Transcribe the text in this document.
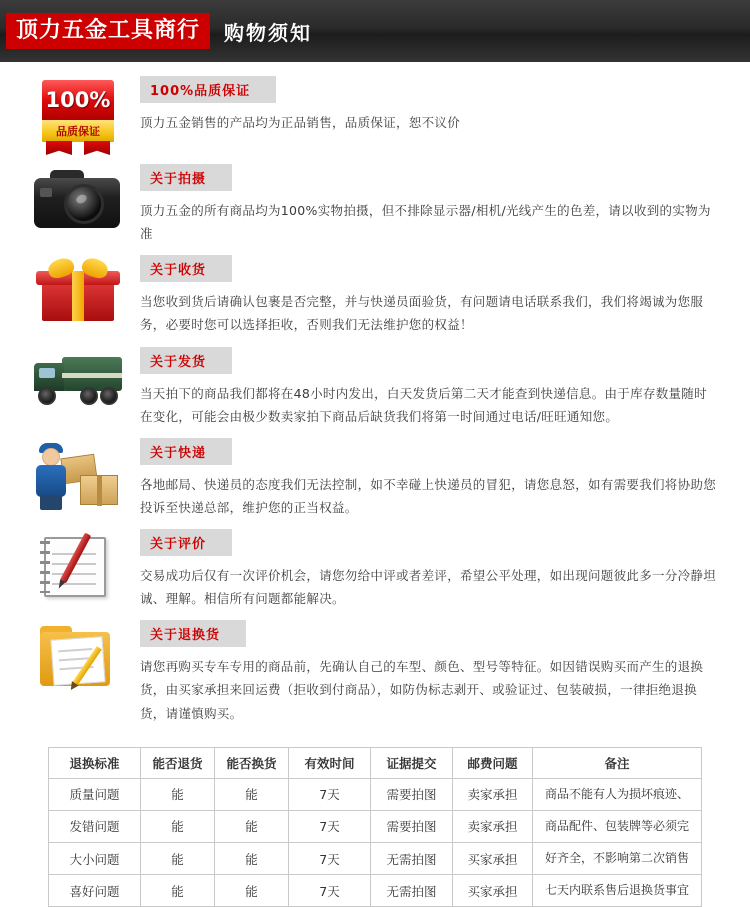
顶力五金工具商行	购物须知
100%
品质保证
100%品质保证
顶力五金销售的产品均为正品销售，品质保证，恕不议价
关于拍摄
顶力五金的所有商品均为100%实物拍摄，但不排除显示器/相机/光线产生的色差，请以收到的实物为准
关于收货
当您收到货后请确认包裹是否完整，并与快递员面验货，有问题请电话联系我们，我们将竭诚为您服务，必要时您可以选择拒收，否则我们无法维护您的权益！
关于发货
当天拍下的商品我们都将在48小时内发出，白天发货后第二天才能查到快递信息。由于库存数量随时在变化，可能会由极少数卖家拍下商品后缺货我们将第一时间通过电话/旺旺通知您。
关于快递
各地邮局、快递员的态度我们无法控制，如不幸碰上快递员的冒犯，请您息怒，如有需要我们将协助您投诉至快递总部，维护您的正当权益。
关于评价
交易成功后仅有一次评价机会，请您勿给中评或者差评，希望公平处理，如出现问题彼此多一分冷静坦诚、理解。相信所有问题都能解决。
关于退换货
请您再购买专车专用的商品前，先确认自己的车型、颜色、型号等特征。如因错误购买而产生的退换货，由买家承担来回运费（拒收到付商品），如防伪标志剥开、或验证过、包装破损，一律拒绝退换货，请谨慎购买。
退换标准	能否退货	能否换货	有效时间	证据提交	邮费问题	备注
质量问题	能	能	7天	需要拍图	卖家承担	商品不能有人为损坏痕迹、
发错问题	能	能	7天	需要拍图	卖家承担	商品配件、包装牌等必须完
大小问题	能	能	7天	无需拍图	买家承担	好齐全，不影响第二次销售
喜好问题	能	能	7天	无需拍图	买家承担	七天内联系售后退换货事宜
